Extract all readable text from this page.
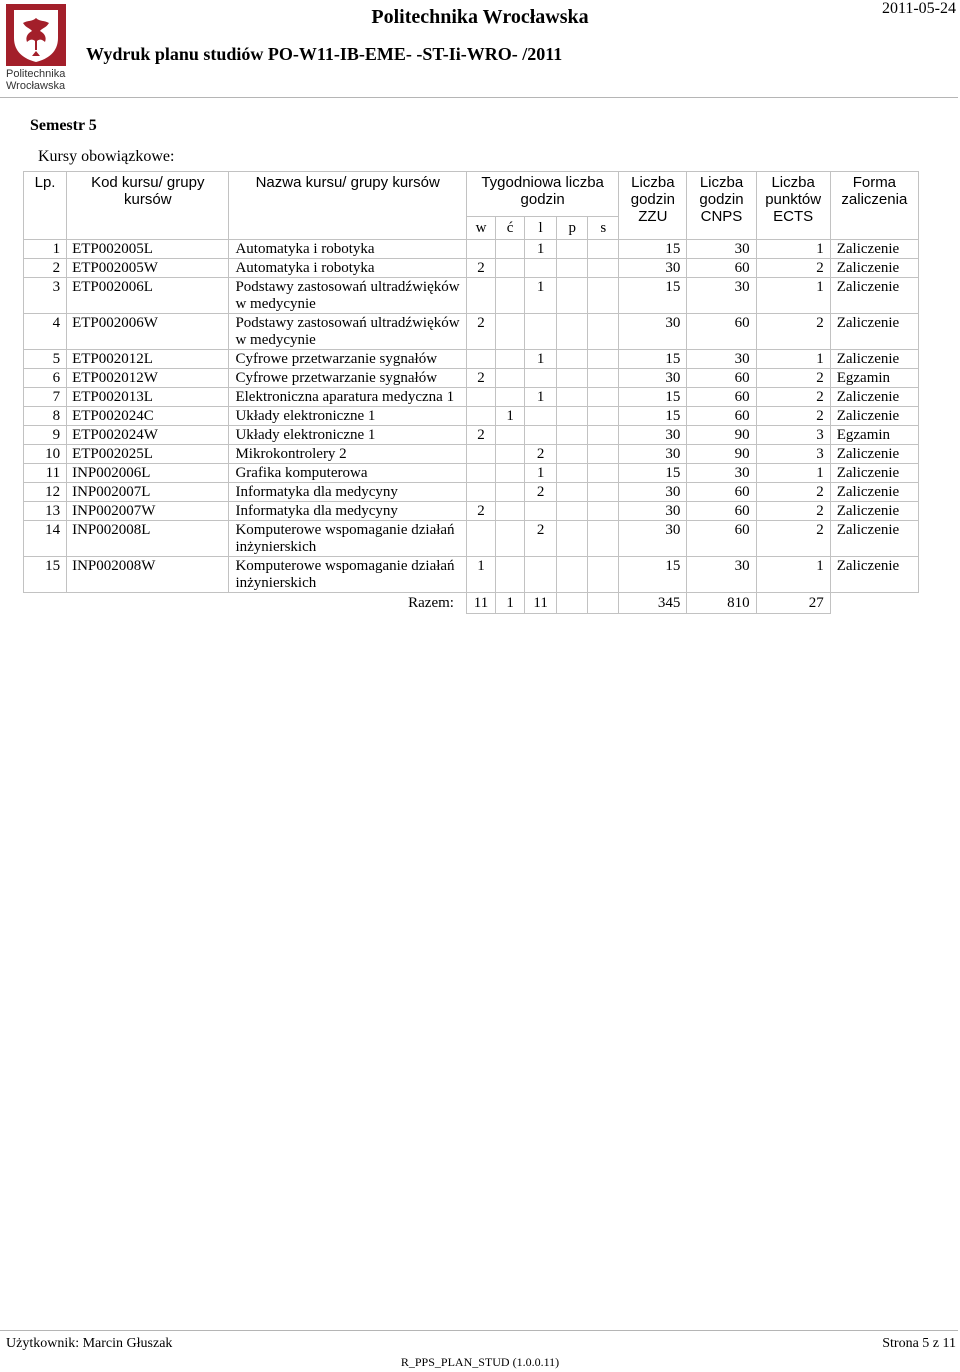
Politechnika
Wrocławska
Politechnika Wrocławska	2011-05-24
Wydruk planu studiów PO-W11-IB-EME- -ST-Ii-WRO- /2011
Semestr 5
Kursy obowiązkowe:
Lp.	Kod kursu/ grupy kursów	Nazwa kursu/ grupy kursów	Tygodniowa liczba godzin					Liczba godzin ZZU	Liczba godzin CNPS	Liczba punktów ECTS	Forma zaliczenia
			w	ć	l	p	s				
1	ETP002005L	Automatyka i robotyka			1			15	30	1	Zaliczenie
2	ETP002005W	Automatyka i robotyka	2					30	60	2	Zaliczenie
3	ETP002006L	Podstawy zastosowań ultradźwięków w medycynie			1			15	30	1	Zaliczenie
4	ETP002006W	Podstawy zastosowań ultradźwięków w medycynie	2					30	60	2	Zaliczenie
5	ETP002012L	Cyfrowe przetwarzanie sygnałów			1			15	30	1	Zaliczenie
6	ETP002012W	Cyfrowe przetwarzanie sygnałów	2					30	60	2	Egzamin
7	ETP002013L	Elektroniczna aparatura medyczna 1			1			15	60	2	Zaliczenie
8	ETP002024C	Układy elektroniczne 1		1				15	60	2	Zaliczenie
9	ETP002024W	Układy elektroniczne 1	2					30	90	3	Egzamin
10	ETP002025L	Mikrokontrolery 2			2			30	90	3	Zaliczenie
11	INP002006L	Grafika komputerowa			1			15	30	1	Zaliczenie
12	INP002007L	Informatyka dla medycyny			2			30	60	2	Zaliczenie
13	INP002007W	Informatyka dla medycyny	2					30	60	2	Zaliczenie
14	INP002008L	Komputerowe wspomaganie działań inżynierskich			2			30	60	2	Zaliczenie
15	INP002008W	Komputerowe wspomaganie działań inżynierskich	1					15	30	1	Zaliczenie
Razem:			11	1	11			345	810	27	
Użytkownik: Marcin Głuszak	Strona 5 z 11
R_PPS_PLAN_STUD (1.0.0.11)
